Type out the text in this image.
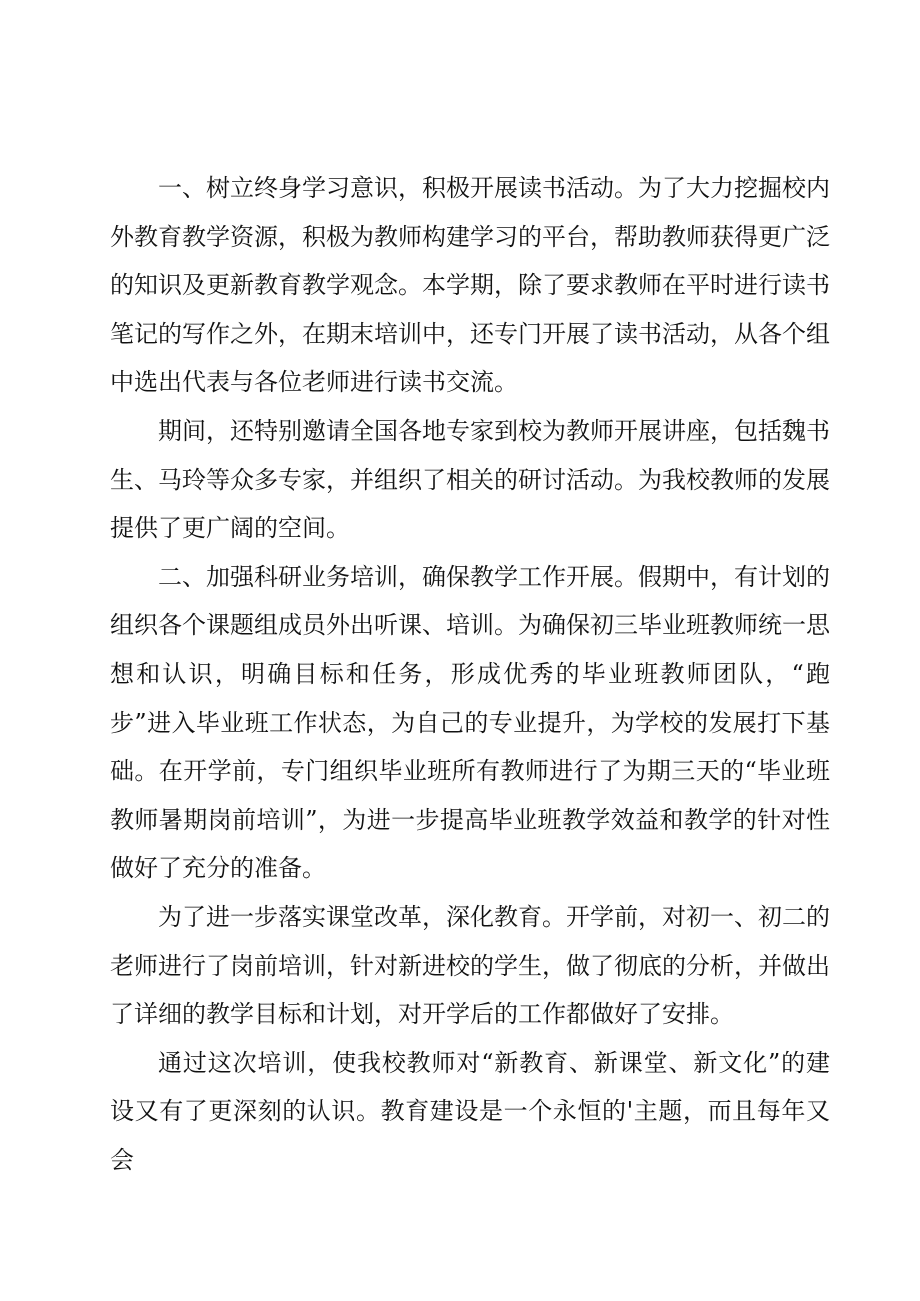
一、树立终身学习意识，积极开展读书活动。为了大力挖掘校内外教育教学资源，积极为教师构建学习的平台，帮助教师获得更广泛的知识及更新教育教学观念。本学期，除了要求教师在平时进行读书笔记的写作之外，在期末培训中，还专门开展了读书活动，从各个组中选出代表与各位老师进行读书交流。

期间，还特别邀请全国各地专家到校为教师开展讲座，包括魏书生、马玲等众多专家，并组织了相关的研讨活动。为我校教师的发展提供了更广阔的空间。

二、加强科研业务培训，确保教学工作开展。假期中，有计划的组织各个课题组成员外出听课、培训。为确保初三毕业班教师统一思想和认识，明确目标和任务，形成优秀的毕业班教师团队，“跑步”进入毕业班工作状态，为自己的专业提升，为学校的发展打下基础。在开学前，专门组织毕业班所有教师进行了为期三天的“毕业班教师暑期岗前培训”，为进一步提高毕业班教学效益和教学的针对性做好了充分的准备。

为了进一步落实课堂改革，深化教育。开学前，对初一、初二的老师进行了岗前培训，针对新进校的学生，做了彻底的分析，并做出了详细的教学目标和计划，对开学后的工作都做好了安排。

通过这次培训，使我校教师对“新教育、新课堂、新文化”的建设又有了更深刻的认识。教育建设是一个永恒的'主题，而且每年又会
